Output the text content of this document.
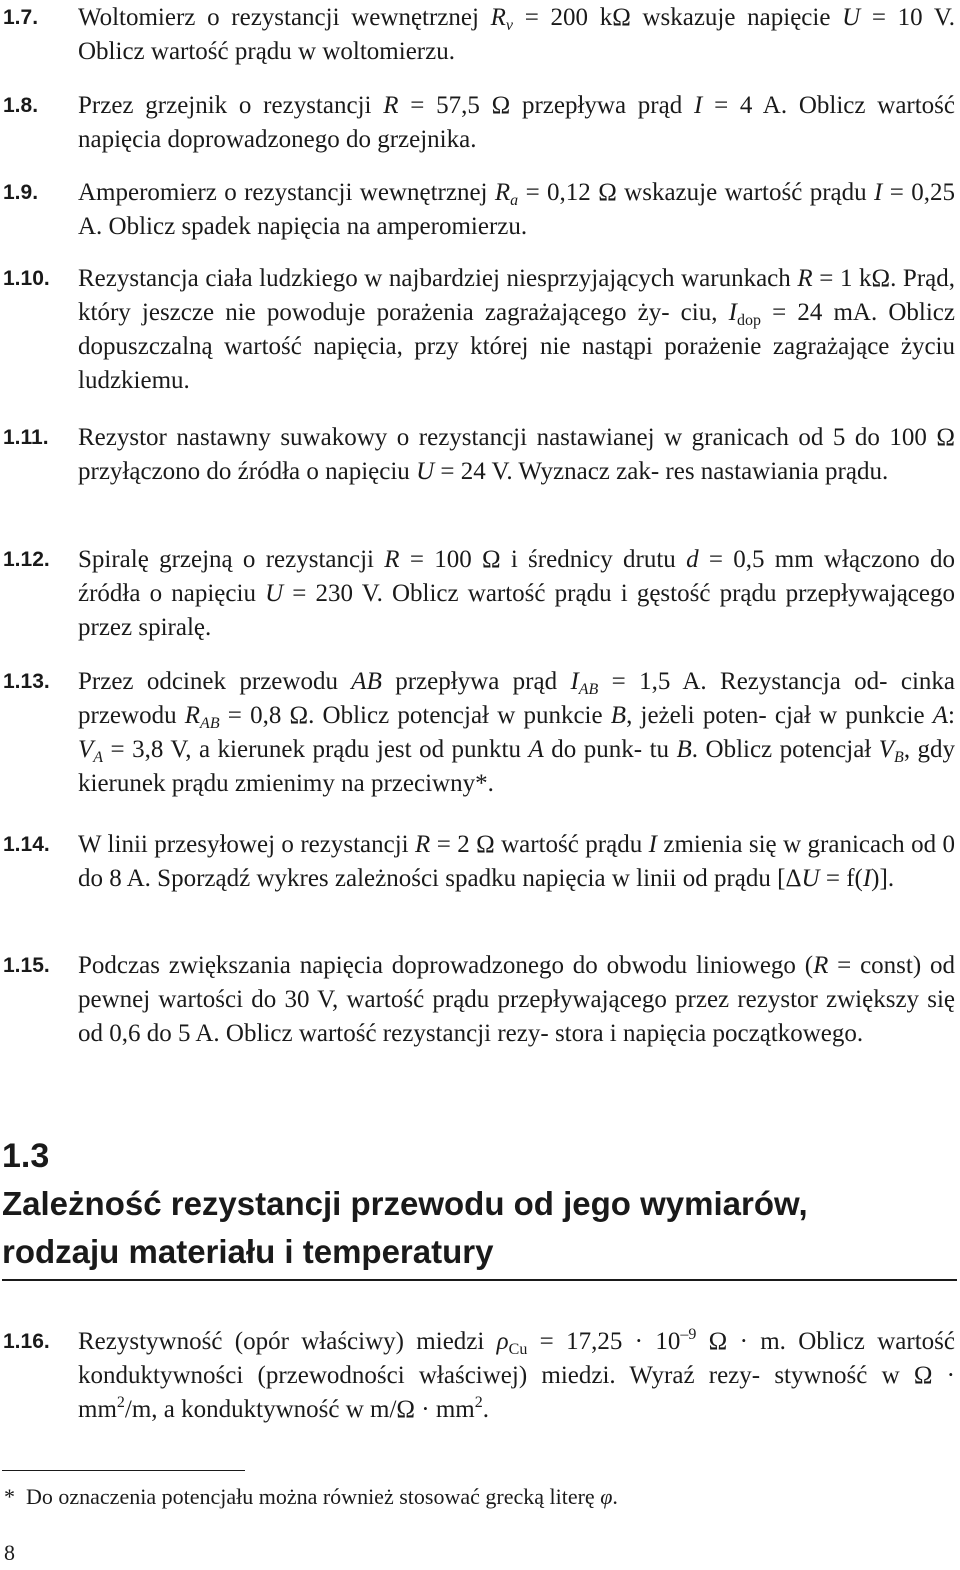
1.7.	Woltomierz o rezystancji wewnętrznej $R_v = 200$ kΩ wskazuje napięcie U = 10 V. Oblicz wartość prądu w woltomierzu.
1.8.	Przez grzejnik o rezystancji R = 57,5 Ω przepływa prąd I = 4 A. Oblicz wartość napięcia doprowadzonego do grzejnika.
1.9.	Amperomierz o rezystancji wewnętrznej $R_a = 0,12$ Ω wskazuje wartość prądu I = 0,25 A. Oblicz spadek napięcia na amperomierzu.
1.10.	Rezystancja ciała ludzkiego w najbardziej niesprzyjających warunkach R = 1 kΩ. Prąd, który jeszcze nie powoduje porażenia zagrażającego ży- ciu, $I_{dop} = 24$ mA. Oblicz dopuszczalną wartość napięcia, przy której nie nastąpi porażenie zagrażające życiu ludzkiemu.
1.11.	Rezystor nastawny suwakowy o rezystancji nastawianej w granicach od 5 do 100 Ω przyłączono do źródła o napięciu U = 24 V. Wyznacz zak- res nastawiania prądu.
1.12.	Spiralę grzejną o rezystancji R = 100 Ω i średnicy drutu d = 0,5 mm włączono do źródła o napięciu U = 230 V. Oblicz wartość prądu i gęstość prądu przepływającego przez spiralę.
1.13.	Przez odcinek przewodu AB przepływa prąd $I_{AB} = 1,5$ A. Rezystancja od- cinka przewodu $R_{AB} = 0,8$ Ω. Oblicz potencjał w punkcie B, jeżeli poten- cjał w punkcie A: $V_A = 3,8$ V, a kierunek prądu jest od punktu A do punk- tu B. Oblicz potencjał $V_B$, gdy kierunek prądu zmienimy na przeciwny*.
1.14.	W linii przesyłowej o rezystancji R = 2 Ω wartość prądu I zmienia się w granicach od 0 do 8 A. Sporządź wykres zależności spadku napięcia w linii od prądu [ΔU = f(I)].
1.15.	Podczas zwiększania napięcia doprowadzonego do obwodu liniowego (R = const) od pewnej wartości do 30 V, wartość prądu przepływającego przez rezystor zwiększy się od 0,6 do 5 A. Oblicz wartość rezystancji rezy- stora i napięcia początkowego.
1.3
Zależność rezystancji przewodu od jego wymiarów,
rodzaju materiału i temperatury
1.16.	Rezystywność (opór właściwy) miedzi $\rho_{Cu} = 17,25 \cdot 10^{-9}$ Ω · m. Oblicz wartość konduktywności (przewodności właściwej) miedzi. Wyraź rezy- stywność w $\Omega \cdot mm^2/m$, a konduktywność w $m/\Omega \cdot mm^2$.
* Do oznaczenia potencjału można również stosować grecką literę φ.
8
